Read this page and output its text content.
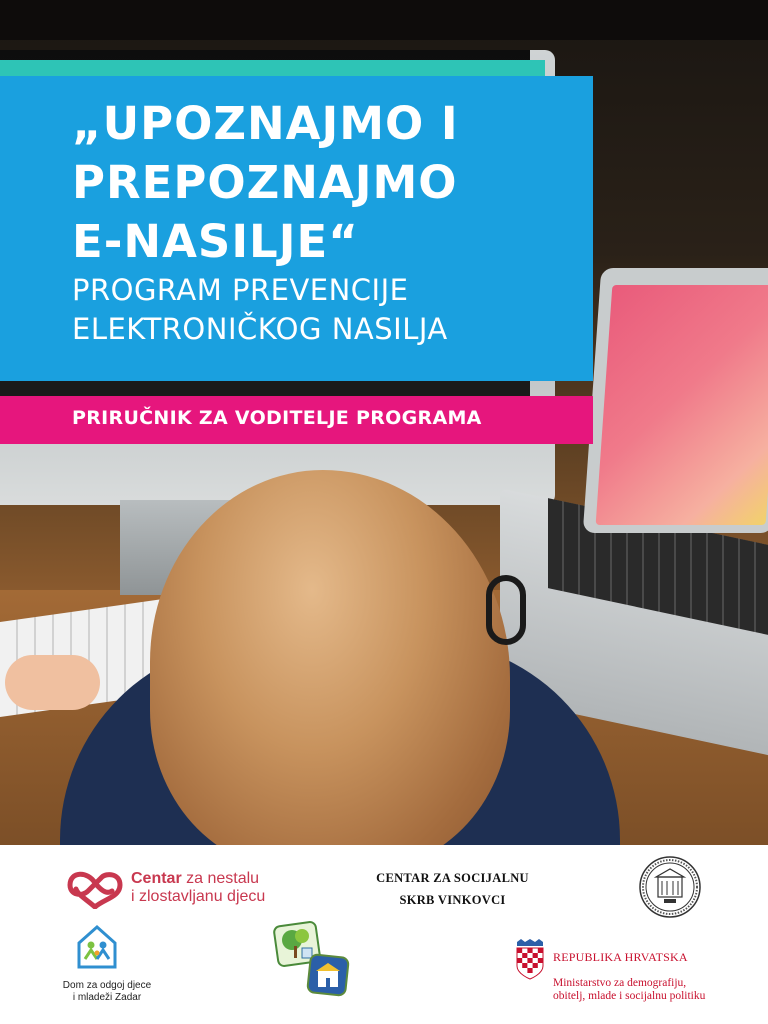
„UPOZNAJMO I
PREPOZNAJMO
E-NASILJE“
PROGRAM PREVENCIJE
ELEKTRONIČKOG NASILJA
PRIRUČNIK ZA VODITELJE PROGRAMA
Centar za nestalu
i zlostavljanu djecu
CENTAR ZA SOCIJALNU
SKRB VINKOVCI
Dom za odgoj djece
i mladeži Zadar

REPUBLIKA HRVATSKA

Ministarstvo za demografiju,
obitelj, mlade i socijalnu politiku
